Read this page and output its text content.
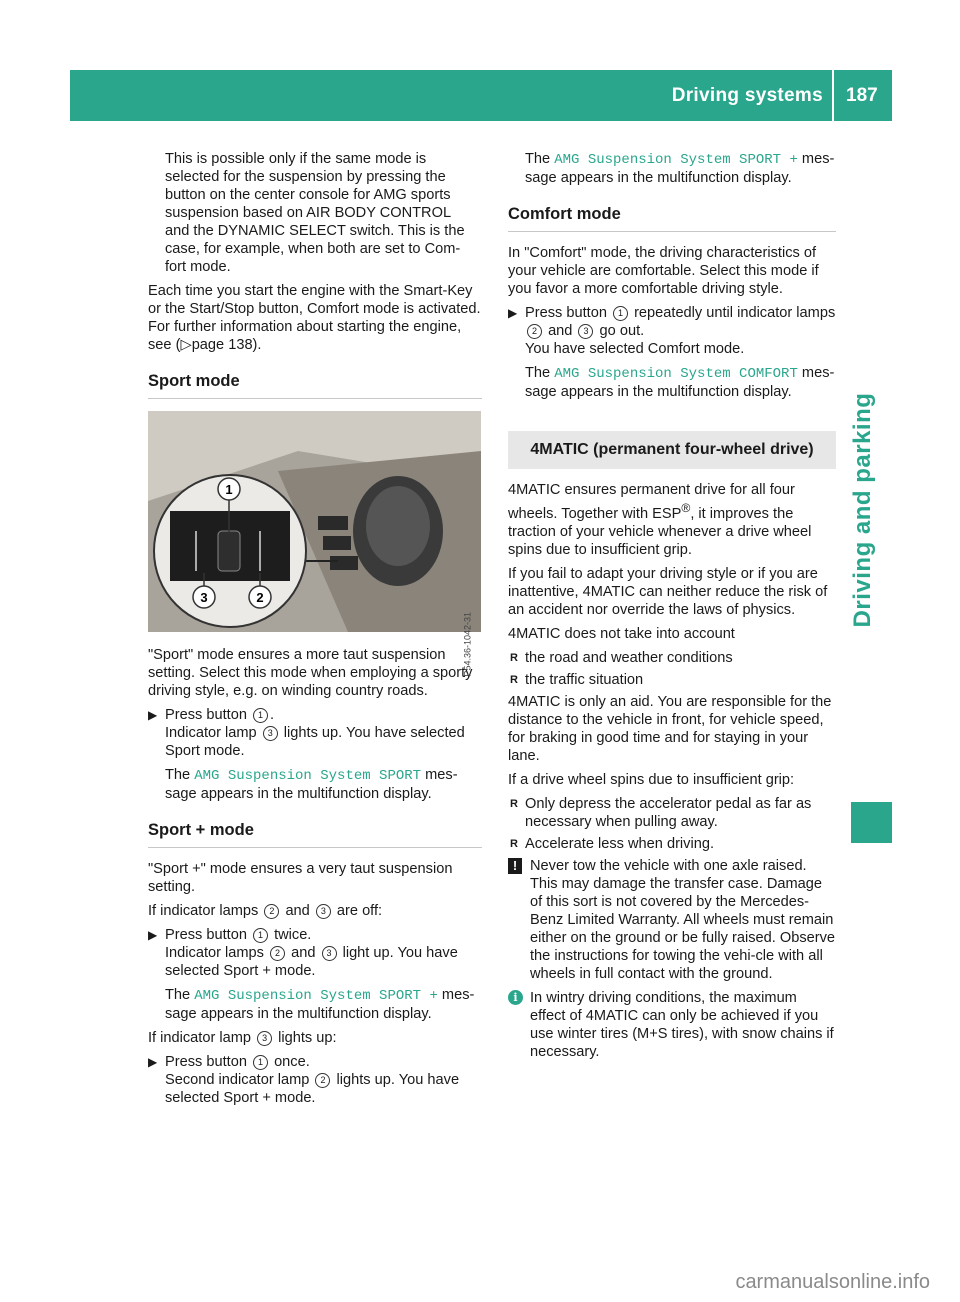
Driving systems 187
Driving and parking

This is possible only if the same mode is
selected for the suspension by pressing the
button on the center console for AMG sports
suspension based on AIR BODY CONTROL
and the DYNAMIC SELECT switch. This is the
case, for example, when both are set to Com-
fort mode.

Each time you start the engine with the Smart-Key or the Start/Stop button, Comfort mode is activated. For further information about starting the engine, see (▷page 138).

Sport mode
1
2
3
P54.36-1042-31

"Sport" mode ensures a more taut suspension setting. Select this mode when employing a sporty driving style, e.g. on winding country roads.

▶ Press button 1 .
Indicator lamp 3 lights up. You have selected Sport mode.
The AMG Suspension System SPORT mes-sage appears in the multifunction display.
Sport + mode

"Sport +" mode ensures a very taut suspension setting.

If indicator lamps 2 and 3 are off:

▶ Press button 1 twice.
Indicator lamps 2 and 3 light up. You have selected Sport + mode.
The AMG Suspension System SPORT + mes-sage appears in the multifunction display.

If indicator lamp 3 lights up:

▶ Press button 1 once.
Second indicator lamp 2 lights up. You have selected Sport + mode.

The AMG Suspension System SPORT + mes-sage appears in the multifunction display.

Comfort mode

In "Comfort" mode, the driving characteristics of your vehicle are comfortable. Select this mode if you favor a more comfortable driving style.

▶ Press button 1 repeatedly until indicator lamps 2 and 3 go out.
You have selected Comfort mode.
The AMG Suspension System COMFORT mes-sage appears in the multifunction display.
4MATIC (permanent four-wheel drive)

4MATIC ensures permanent drive for all four wheels. Together with ESP®, it improves the traction of your vehicle whenever a drive wheel spins due to insufficient grip.

If you fail to adapt your driving style or if you are inattentive, 4MATIC can neither reduce the risk of an accident nor override the laws of physics.

4MATIC does not take into account

R the road and weather conditions
R the traffic situation

4MATIC is only an aid. You are responsible for the distance to the vehicle in front, for vehicle speed, for braking in good time and for staying in your lane.

If a drive wheel spins due to insufficient grip:

R Only depress the accelerator pedal as far as necessary when pulling away.
R Accelerate less when driving.
! Never tow the vehicle with one axle raised. This may damage the transfer case. Damage of this sort is not covered by the Mercedes-Benz Limited Warranty. All wheels must remain either on the ground or be fully raised. Observe the instructions for towing the vehi-cle with all wheels in full contact with the ground.
i In wintry driving conditions, the maximum effect of 4MATIC can only be achieved if you use winter tires (M+S tires), with snow chains if necessary.
carmanualsonline.info
